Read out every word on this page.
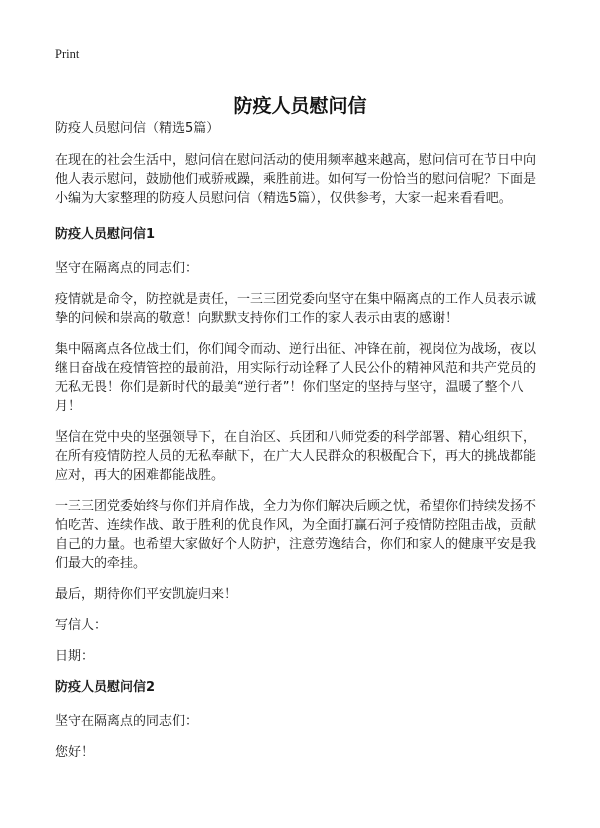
Print
防疫人员慰问信

防疫人员慰问信（精选5篇）

在现在的社会生活中，慰问信在慰问活动的使用频率越来越高，慰问信可在节日中向他人表示慰问，鼓励他们戒骄戒躁，乘胜前进。如何写一份恰当的慰问信呢？下面是小编为大家整理的防疫人员慰问信（精选5篇），仅供参考，大家一起来看看吧。

防疫人员慰问信1

坚守在隔离点的同志们：

疫情就是命令，防控就是责任，一三三团党委向坚守在集中隔离点的工作人员表示诚挚的问候和崇高的敬意！向默默支持你们工作的家人表示由衷的感谢！

集中隔离点各位战士们，你们闻令而动、逆行出征、冲锋在前，视岗位为战场，夜以继日奋战在疫情管控的最前沿，用实际行动诠释了人民公仆的精神风范和共产党员的无私无畏！你们是新时代的最美“逆行者”！你们坚定的坚持与坚守，温暖了整个八月！

坚信在党中央的坚强领导下，在自治区、兵团和八师党委的科学部署、精心组织下，在所有疫情防控人员的无私奉献下，在广大人民群众的积极配合下，再大的挑战都能应对，再大的困难都能战胜。

一三三团党委始终与你们并肩作战，全力为你们解决后顾之忧，希望你们持续发扬不怕吃苦、连续作战、敢于胜利的优良作风，为全面打赢石河子疫情防控阻击战，贡献自己的力量。也希望大家做好个人防护，注意劳逸结合，你们和家人的健康平安是我们最大的牵挂。

最后，期待你们平安凯旋归来！

写信人：

日期：

防疫人员慰问信2

坚守在隔离点的同志们：

您好！
